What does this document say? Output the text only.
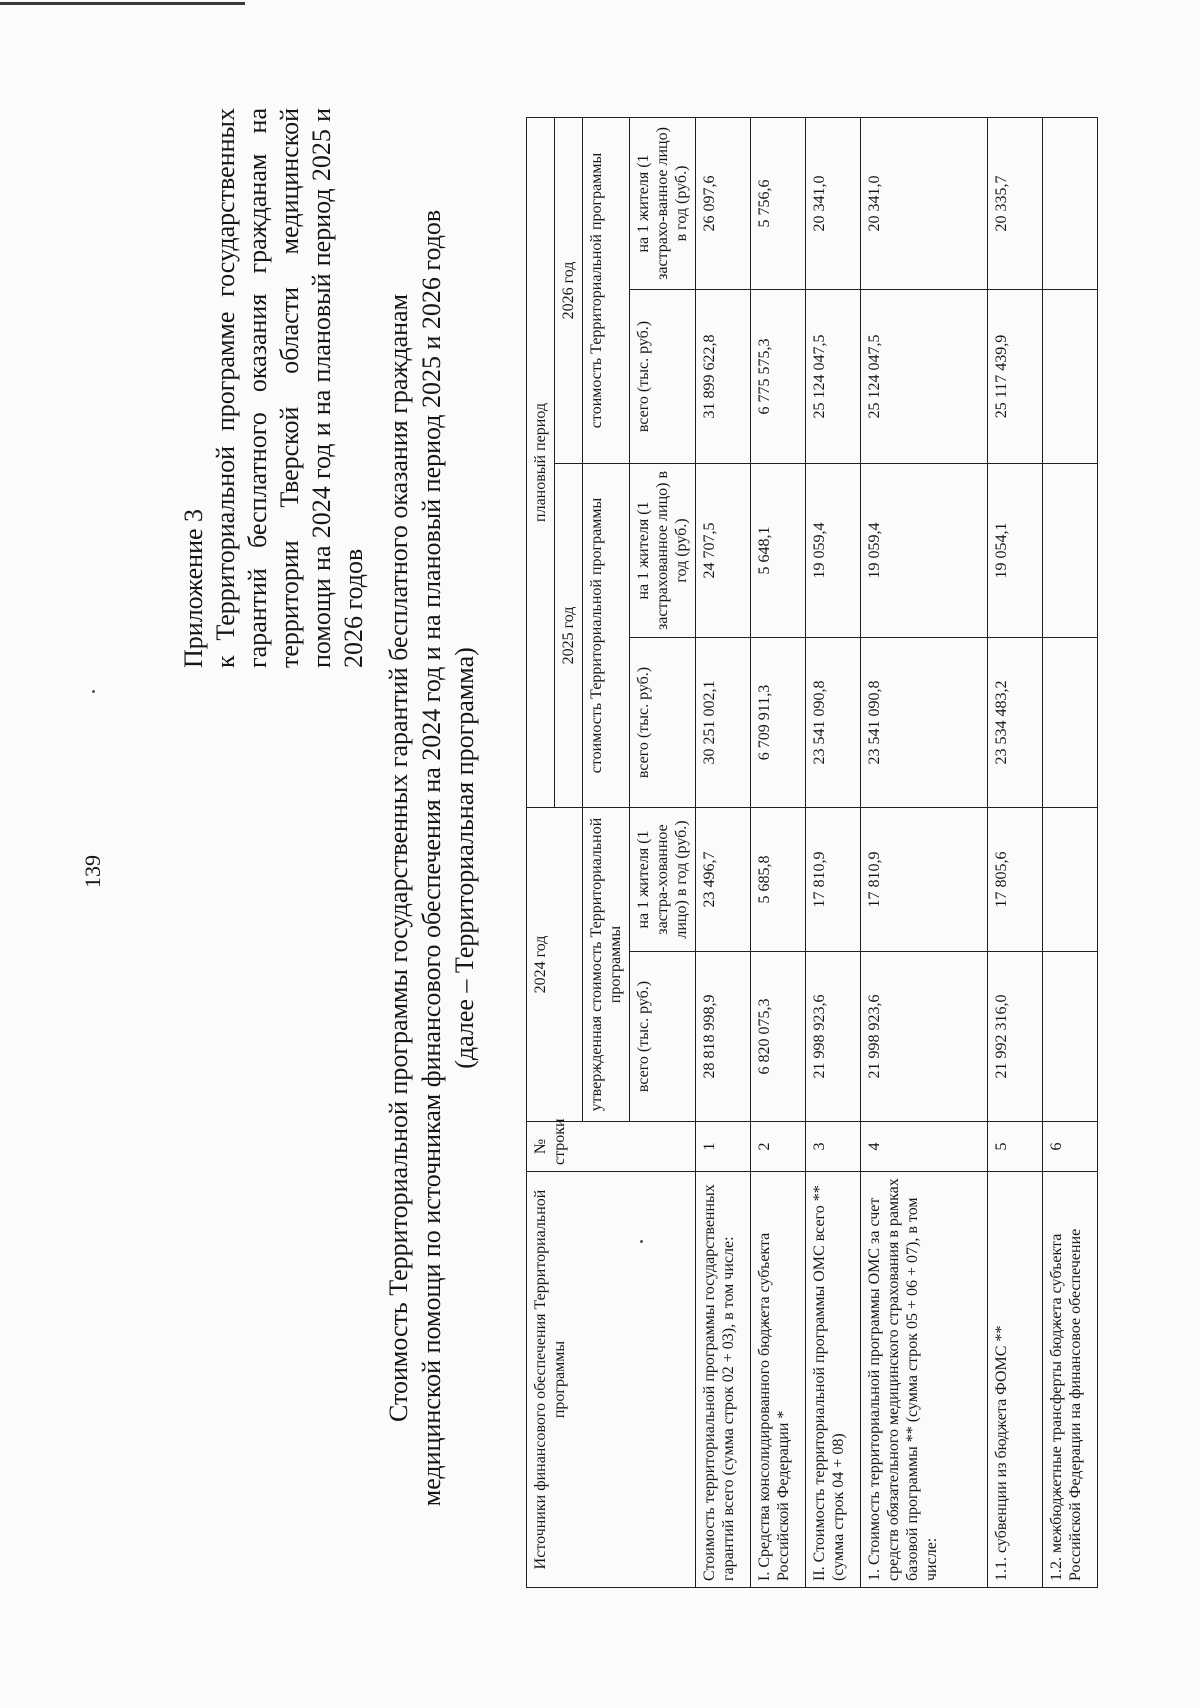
139
Приложение 3 к Территориальной программе государственных гарантий бесплатного оказания гражданам на территории Тверской области медицинской помощи на 2024 год и на плановый период 2025 и 2026 годов Стоимость Территориальной программы государственных гарантий бесплатного оказания гражданам медицинской помощи по источникам финансового обеспечения на 2024 год и на плановый период 2025 и 2026 годов (далее – Территориальная программа)
Источники финансового обеспечения Территориальной программы	№ строки	2024 год		плановый период			
				2025 год		2026 год	
		утвержденная стоимость Территориальной программы		стоимость Территориальной программы		стоимость Территориальной программы	
		всего (тыс. руб.)	на 1 жителя (1 застра-хованное лицо) в год (руб.)	всего (тыс. руб.)	на 1 жителя (1 застрахованное лицо) в год (руб.)	всего (тыс. руб.)	на 1 жителя (1 застрахо-ванное лицо) в год (руб.)
Стоимость территориальной программы государственных гарантий всего (сумма строк 02 + 03), в том числе:	1	28 818 998,9	23 496,7	30 251 002,1	24 707,5	31 899 622,8	26 097,6
I. Средства консолидированного бюджета субъекта Российской Федерации *	2	6 820 075,3	5 685,8	6 709 911,3	5 648,1	6 775 575,3	5 756,6
II. Стоимость территориальной программы ОМС всего ** (сумма строк 04 + 08)	3	21 998 923,6	17 810,9	23 541 090,8	19 059,4	25 124 047,5	20 341,0
1. Стоимость территориальной программы ОМС за счет средств обязательного медицинского страхования в рамках базовой программы ** (сумма строк 05 + 06 + 07), в том числе:	4	21 998 923,6	17 810,9	23 541 090,8	19 059,4	25 124 047,5	20 341,0
1.1. субвенции из бюджета ФОМС **	5	21 992 316,0	17 805,6	23 534 483,2	19 054,1	25 117 439,9	20 335,7
1.2. межбюджетные трансферты бюджета субъекта Российской Федерации на финансовое обеспечение	6						
